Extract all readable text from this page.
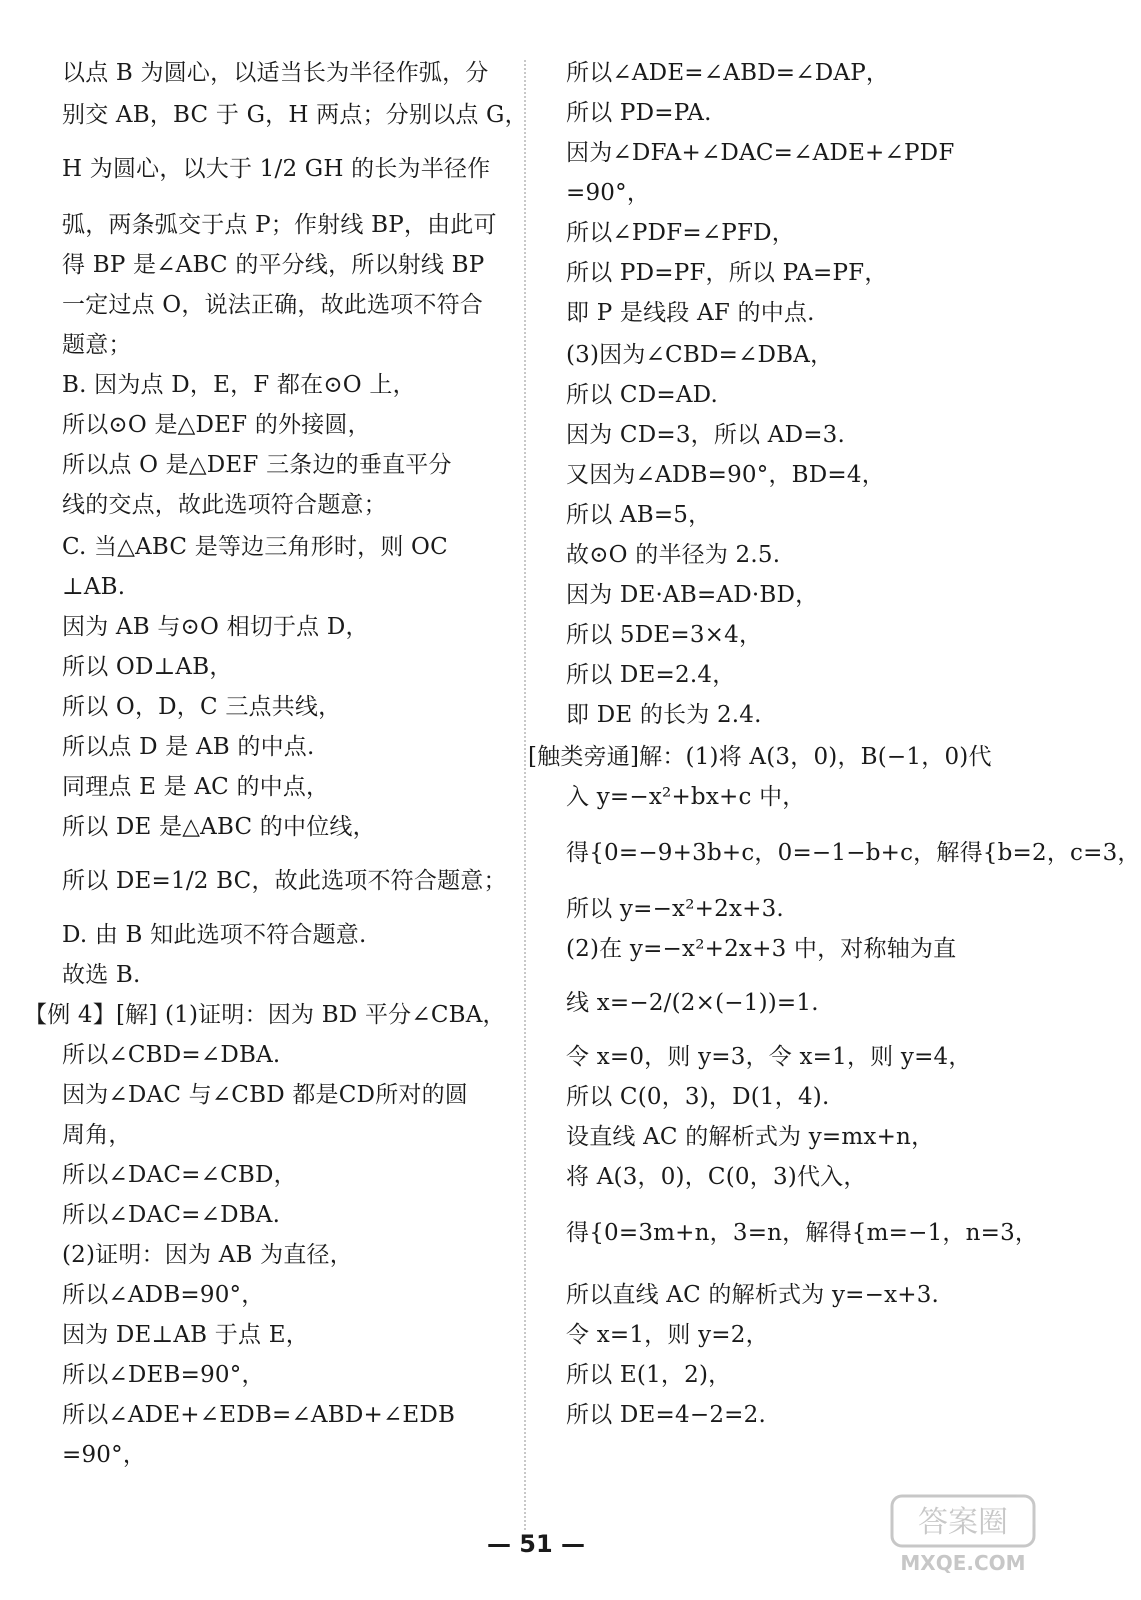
以点 B 为圆心，以适当长为半径作弧，分
别交 AB，BC 于 G，H 两点；分别以点 G，
H 为圆心，以大于 1/2 GH 的长为半径作
弧，两条弧交于点 P；作射线 BP，由此可
得 BP 是∠ABC 的平分线，所以射线 BP
一定过点 O，说法正确，故此选项不符合
题意；
B. 因为点 D，E，F 都在⊙O 上，
所以⊙O 是△DEF 的外接圆，
所以点 O 是△DEF 三条边的垂直平分
线的交点，故此选项符合题意；
C. 当△ABC 是等边三角形时，则 OC
⊥AB.
因为 AB 与⊙O 相切于点 D，
所以 OD⊥AB，
所以 O，D，C 三点共线，
所以点 D 是 AB 的中点.
同理点 E 是 AC 的中点，
所以 DE 是△ABC 的中位线，
所以 DE=1/2 BC，故此选项不符合题意；
D. 由 B 知此选项不符合题意.
故选 B.
【例 4】[解] (1)证明：因为 BD 平分∠CBA，
所以∠CBD=∠DBA.
因为∠DAC 与∠CBD 都是CD所对的圆
周角，
所以∠DAC=∠CBD，
所以∠DAC=∠DBA.
(2)证明：因为 AB 为直径，
所以∠ADB=90°，
因为 DE⊥AB 于点 E，
所以∠DEB=90°，
所以∠ADE+∠EDB=∠ABD+∠EDB
=90°，
所以∠ADE=∠ABD=∠DAP，
所以 PD=PA.
因为∠DFA+∠DAC=∠ADE+∠PDF
=90°，
所以∠PDF=∠PFD，
所以 PD=PF，所以 PA=PF，
即 P 是线段 AF 的中点.
(3)因为∠CBD=∠DBA，
所以 CD=AD.
因为 CD=3，所以 AD=3.
又因为∠ADB=90°，BD=4，
所以 AB=5，
故⊙O 的半径为 2.5.
因为 DE·AB=AD·BD，
所以 5DE=3×4，
所以 DE=2.4，
即 DE 的长为 2.4.
[触类旁通]解：(1)将 A(3，0)，B(−1，0)代
入 y=−x²+bx+c 中，
得{0=−9+3b+c，0=−1−b+c，解得{b=2，c=3，
所以 y=−x²+2x+3.
(2)在 y=−x²+2x+3 中，对称轴为直
线 x=−2/(2×(−1))=1.
令 x=0，则 y=3，令 x=1，则 y=4，
所以 C(0，3)，D(1，4).
设直线 AC 的解析式为 y=mx+n，
将 A(3，0)，C(0，3)代入，
得{0=3m+n，3=n，解得{m=−1，n=3，
所以直线 AC 的解析式为 y=−x+3.
令 x=1，则 y=2，
所以 E(1，2)，
所以 DE=4−2=2.
— 51 —
答案圈
MXQE.COM
